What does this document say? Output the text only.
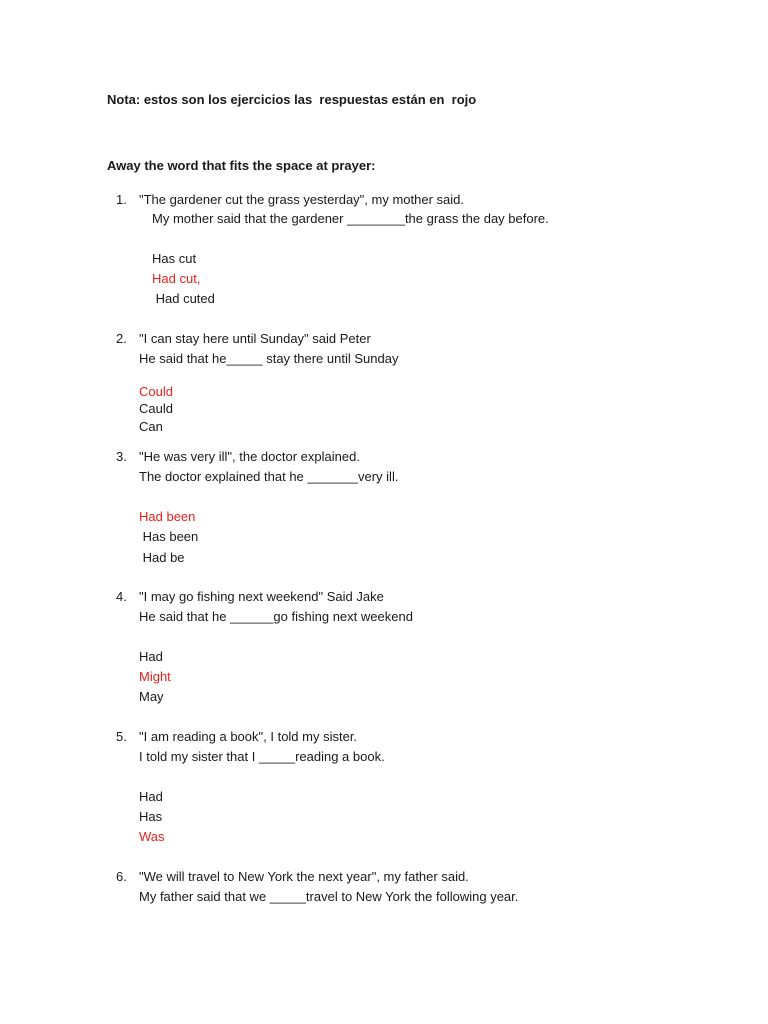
Nota: estos son los ejercicios las  respuestas están en  rojo
Away the word that fits the space at prayer:
1. "The gardener cut the grass yesterday", my mother said.
My mother said that the gardener ________the grass the day before.
Has cut
Had cut,
Had cuted
2. "I can stay here until Sunday" said Peter
He said that he_____ stay there until Sunday
Could
Cauld
Can
3. "He was very ill", the doctor explained.
The doctor explained that he _______very ill.
Had been
Has been
Had be
4. "I may go fishing next weekend" Said Jake
He said that he ______go fishing next weekend
Had
Might
May
5. "I am reading a book", I told my sister.
I told my sister that I _____reading a book.
Had
Has
Was
6. "We will travel to New York the next year", my father said.
My father said that we _____travel to New York the following year.
